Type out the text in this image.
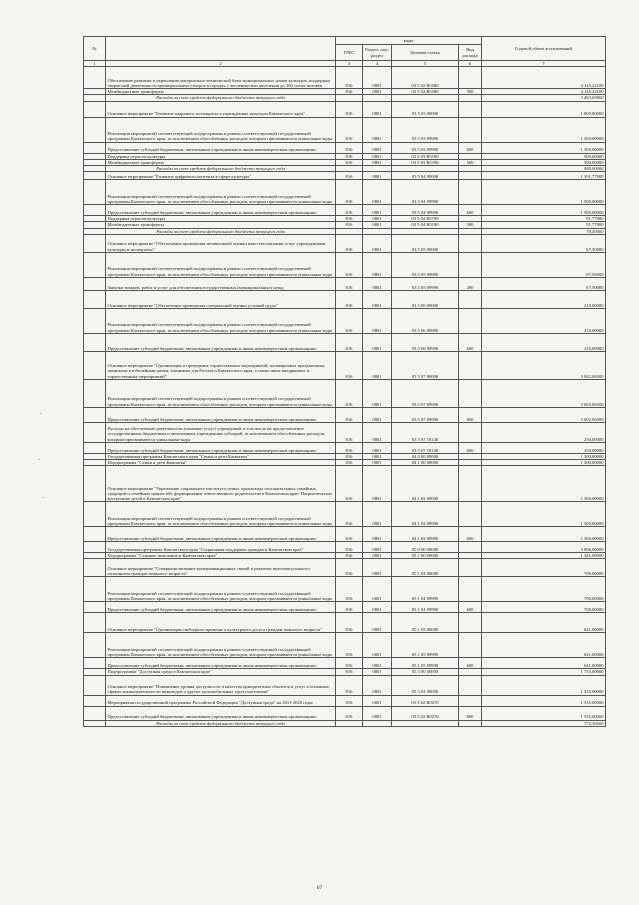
№		коды				Годовой объем ассигнований
		ГРБС	Раздел, под-раздел	Целевая статья	Вид расхода	
1	2	3	4	5	6	7
	Обеспечение развития и укрепления материально-технической базы муниципальных домов культуры, поддержка творческой деятельности муниципальных театров в городах с численностью населения до 300 тысяч человек	816	0801	03 5 02 R5580		4 145,22100
	Межбюджетные трансферты	816	0801	03 5 02 R5580	500	4 145,22100
	Расходы за счет средств федерального бюджета текущего года					3 463,05800
	Основное мероприятие "Развитие кадрового потенциала в учреждениях культуры Камчатского края"	816	0801	03 5 03 00000		1 800,00000
	Реализация мероприятий соответствующей подпрограммы в рамках соответствующей государственной программы Камчатского края, за исключением обособленных расходов, которым присваиваются уникальные коды	816	0801	03 5 03 09990		1 300,00000
	Предоставление субсидий бюджетным, автономным учреждениям и иным некоммерческим организациям	816	0801	03 5 03 09990	600	1 300,00000
	Поддержка отрасли культуры	816	0801	03 5 03 R5190		500,00000
	Межбюджетные трансферты	816	0801	03 5 03 R5190	500	500,00000
	Расходы за счет средств федерального бюджета текущего года					480,00000
	Основное мероприятие "Развитие цифрового контента в сфере культуры"	816	0801	03 5 04 00000		1 591,77900
	Реализация мероприятий соответствующей подпрограммы в рамках соответствующей государственной программы Камчатского края, за исключением обособленных расходов, которым присваиваются уникальные коды	816	0801	03 5 04 09990		1 500,00000
	Предоставление субсидий бюджетным, автономным учреждениям и иным некоммерческим организациям	816	0801	03 5 04 09990	600	1 500,00000
	Поддержка отрасли культуры	816	0801	03 5 04 R5190		91,77900
	Межбюджетные трансферты	816	0801	03 5 04 R5190	500	91,77900
	Расходы за счет средств федерального бюджета текущего года					78,50000
	Основное мероприятие "Обеспечение проведения независимой оценки качества оказания услуг учреждениями культуры и экспертизы"	816	0801	03 5 05 00000		67,50000
	Реализация мероприятий соответствующей подпрограммы в рамках соответствующей государственной программы Камчатского края, за исключением обособленных расходов, которым присваиваются уникальные коды	816	0801	03 5 05 09990		67,50000
	Закупка товаров, работ и услуг для обеспечения государственных (муниципальных) нужд	816	0801	03 5 05 09990	200	67,50000
	Основное мероприятие "Обеспечение проведения специальной оценки условий труда"	816	0801	03 5 06 00000		210,00000
	Реализация мероприятий соответствующей подпрограммы в рамках соответствующей государственной программы Камчатского края, за исключением обособленных расходов, которым присваиваются уникальные коды	816	0801	03 5 06 09990		210,00000
	Предоставление субсидий бюджетным, автономным учреждениям и иным некоммерческим организациям	816	0801	03 5 06 09990	600	210,00000
	Основное мероприятие "Организация и проведение торжественных мероприятий, посвященных праздничным, памятным и юбилейным датам, значимым для России и Камчатского края, а также иных внедряемых и торжественных мероприятий"	816	0801	03 5 07 00000		3 942,06500
	Реализация мероприятий соответствующей подпрограммы в рамках соответствующей государственной программы Камчатского края, за исключением обособленных расходов, которым присваиваются уникальные коды	816	0801	03 5 07 09990		3 692,06500
	Предоставление субсидий бюджетным, автономным учреждениям и иным некоммерческим организациям	816	0801	03 5 07 09990	600	3 692,06500
	Расходы на обеспечение деятельности (оказание услуг) учреждений, в том числе на предоставление государственным бюджетным и автономным учреждениям субсидий, за исключением обособленных расходов, которым присваиваются уникальные коды	816	0801	03 5 07 10140		250,00000
	Предоставление субсидий бюджетным, автономным учреждениям и иным некоммерческим организациям	816	0801	03 5 07 10140	600	250,00000
	Государственная программа Камчатского края "Семья и дети Камчатки"	816	0801	04 0 00 00000		1 300,00000
	Подпрограмма "Семья и дети Камчатки"	816	0801	04 1 00 00000		1 300,00000
	Основное мероприятие "Укрепление социального института семьи, пропаганда положительных семейных традиций и семейных ценностей, формирование ответственного родительства в Камчатском крае. Патриотическое воспитание детей в Камчатском крае"	816	0801	04 1 02 00000		1 300,00000
	Реализация мероприятий соответствующей подпрограммы в рамках соответствующей государственной программы Камчатского края, за исключением обособленных расходов, которым присваиваются уникальные коды	816	0801	04 1 02 09990		1 300,00000
	Предоставление субсидий бюджетным, автономным учреждениям и иным некоммерческим организациям	816	0801	04 1 02 09990	600	1 300,00000
	Государственная программа Камчатского края "Социальная поддержка граждан в Камчатском крае"	816	0801	05 0 00 00000		3 096,00000
	Подпрограмма "Старшее поколение в Камчатском крае"	816	0801	05 1 00 00000		1 341,00000
	Основное мероприятие "Совершенствование коммуникационных связей и развитие интеллектуального потенциала граждан пожилого возраста"	816	0801	05 1 04 00000		700,00000
	Реализация мероприятий соответствующей подпрограммы в рамках соответствующей государственной программы Камчатского края, за исключением обособленных расходов, которым присваиваются уникальные коды	816	0801	05 1 04 09990		700,00000
	Предоставление субсидий бюджетным, автономным учреждениям и иным некоммерческим организациям	816	0801	05 1 04 09990	600	700,00000
	Основное мероприятие "Организация свободного времени и культурного досуга граждан пожилого возраста"	816	0801	05 1 05 00000		641,00000
	Реализация мероприятий соответствующей подпрограммы в рамках соответствующей государственной программы Камчатского края, за исключением обособленных расходов, которым присваиваются уникальные коды	816	0801	05 1 05 09990		641,00000
	Предоставление субсидий бюджетным, автономным учреждениям и иным некоммерческим организациям	816	0801	05 1 05 09990	600	641,00000
	Подпрограмма "Доступная среда в Камчатском крае"	816	0801	05 3 00 00000		1 755,00000
	Основное мероприятие "Повышение уровня доступности и качества приоритетных объектов и услуг в основных сферах жизнедеятельности инвалидов и других маломобильных групп населения"	816	0801	05 3 02 00000		1 535,00000
	Мероприятия государственной программы Российской Федерации "Доступная среда" на 2011-2020 годы	816	0801	05 3 02 R0270		1 535,00000
	Предоставление субсидий бюджетным, автономным учреждениям и иным некоммерческим организациям	816	0801	05 3 02 R0270	600	1 535,00000
	Расходы за счет средств федерального бюджета текущего года					772,36000
67
